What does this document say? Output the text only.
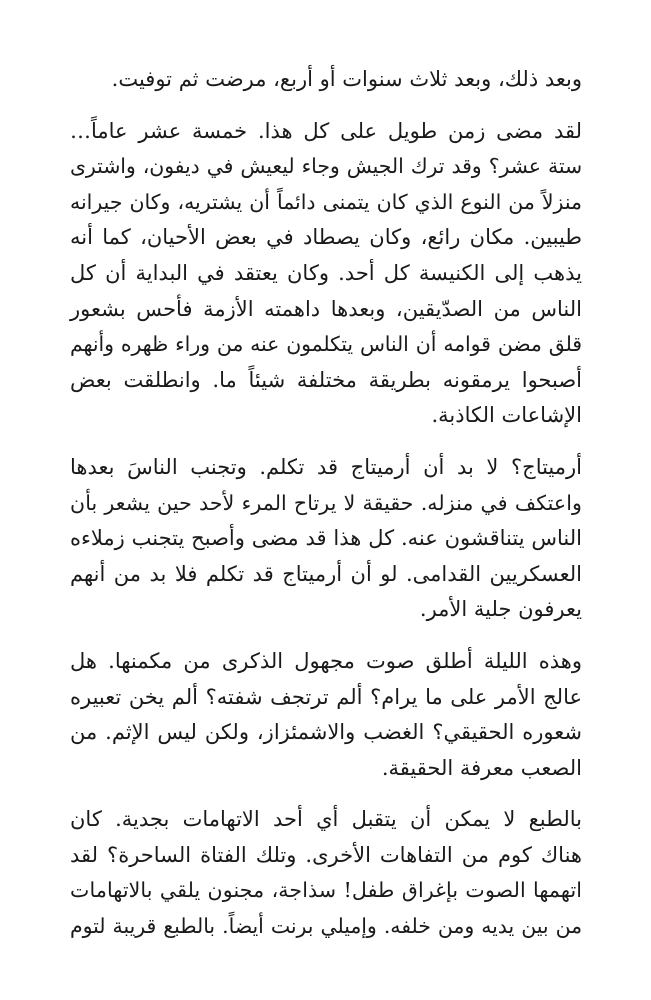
وبعد ذلك، وبعد ثلاث سنوات أو أربع، مرضت ثم توفيت.
لقد مضى زمن طويل على كل هذا. خمسة عشر عاماً…
ستة عشر؟ وقد ترك الجيش وجاء ليعيش في ديفون، واشترى
منزلاً من النوع الذي كان يتمنى دائماً أن يشتريه، وكان جيرانه
طيبين. مكان رائع، وكان يصطاد في بعض الأحيان، كما أنه
يذهب إلى الكنيسة كل أحد. وكان يعتقد في البداية أن كل
الناس من الصدّيقين، وبعدها داهمته الأزمة فأحس بشعور
قلق مضن قوامه أن الناس يتكلمون عنه من وراء ظهره وأنهم
أصبحوا يرمقونه بطريقة مختلفة شيئاً ما. وانطلقت بعض
الإشاعات الكاذبة.
أرميتاج؟ لا بد أن أرميتاج قد تكلم. وتجنب الناسَ بعدها
واعتكف في منزله. حقيقة لا يرتاح المرء لأحد حين يشعر بأن
الناس يتناقشون عنه. كل هذا قد مضى وأصبح يتجنب زملاءه
العسكريين القدامى. لو أن أرميتاج قد تكلم فلا بد من أنهم
يعرفون جلية الأمر.
وهذه الليلة أطلق صوت مجهول الذكرى من مكمنها. هل
عالج الأمر على ما يرام؟ ألم ترتجف شفته؟ ألم يخن تعبيره
شعوره الحقيقي؟ الغضب والاشمئزاز، ولكن ليس الإثم. من
الصعب معرفة الحقيقة.
بالطبع لا يمكن أن يتقبل أي أحد الاتهامات بجدية. كان
هناك كوم من التفاهات الأخرى. وتلك الفتاة الساحرة؟ لقد
اتهمها الصوت بإغراق طفل! سذاجة، مجنون يلقي بالاتهامات
من بين يديه ومن خلفه. وإميلي برنت أيضاً. بالطبع قريبة لتوم
